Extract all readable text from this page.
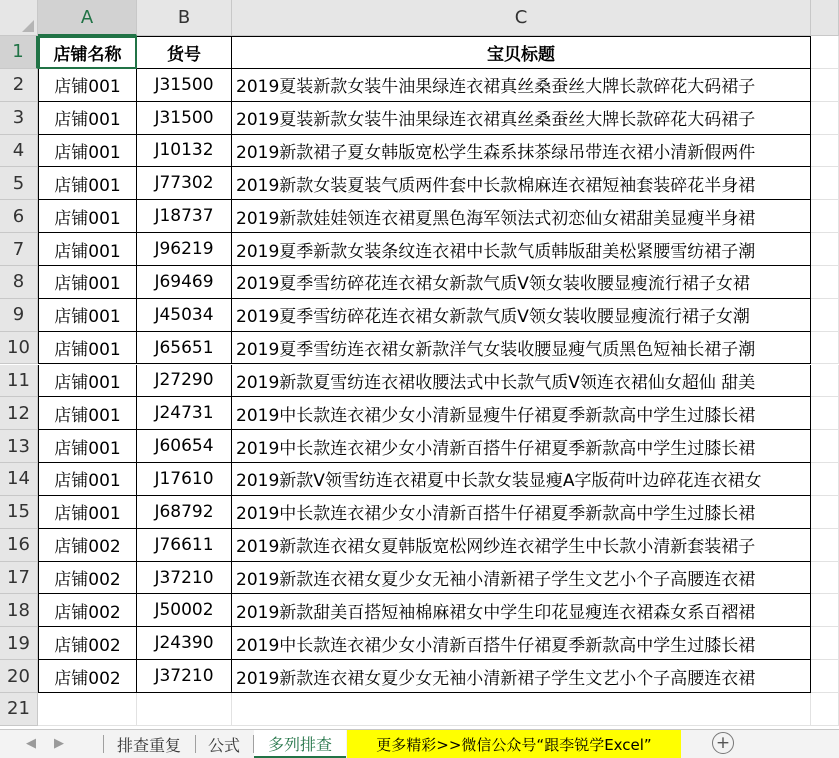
A	B	C
1
2
3
4
5
6
7
8
9
10
11
12
13
14
15
16
17
18
19
20
21
店铺名称	货号	宝贝标题
店铺001	J31500	2019夏装新款女装牛油果绿连衣裙真丝桑蚕丝大牌长款碎花大码裙子
店铺001	J31500	2019夏装新款女装牛油果绿连衣裙真丝桑蚕丝大牌长款碎花大码裙子
店铺001	J10132	2019新款裙子夏女韩版宽松学生森系抹茶绿吊带连衣裙小清新假两件
店铺001	J77302	2019新款女装夏装气质两件套中长款棉麻连衣裙短袖套装碎花半身裙
店铺001	J18737	2019新款娃娃领连衣裙夏黑色海军领法式初恋仙女裙甜美显瘦半身裙
店铺001	J96219	2019夏季新款女装条纹连衣裙中长款气质韩版甜美松紧腰雪纺裙子潮
店铺001	J69469	2019夏季雪纺碎花连衣裙女新款气质V领女装收腰显瘦流行裙子女裙
店铺001	J45034	2019夏季雪纺碎花连衣裙女新款气质V领女装收腰显瘦流行裙子女潮
店铺001	J65651	2019夏季雪纺连衣裙女新款洋气女装收腰显瘦气质黑色短袖长裙子潮
店铺001	J27290	2019新款夏雪纺连衣裙收腰法式中长款气质V领连衣裙仙女超仙 甜美
店铺001	J24731	2019中长款连衣裙少女小清新显瘦牛仔裙夏季新款高中学生过膝长裙
店铺001	J60654	2019中长款连衣裙少女小清新百搭牛仔裙夏季新款高中学生过膝长裙
店铺001	J17610	2019新款V领雪纺连衣裙夏中长款女装显瘦A字版荷叶边碎花连衣裙女
店铺001	J68792	2019中长款连衣裙少女小清新百搭牛仔裙夏季新款高中学生过膝长裙
店铺002	J76611	2019新款连衣裙女夏韩版宽松网纱连衣裙学生中长款小清新套装裙子
店铺002	J37210	2019新款连衣裙女夏少女无袖小清新裙子学生文艺小个子高腰连衣裙
店铺002	J50002	2019新款甜美百搭短袖棉麻裙女中学生印花显瘦连衣裙森女系百褶裙
店铺002	J24390	2019中长款连衣裙少女小清新百搭牛仔裙夏季新款高中学生过膝长裙
店铺002	J37210	2019新款连衣裙女夏少女无袖小清新裙子学生文艺小个子高腰连衣裙
◀ ▶	排查重复	公式	多列排查	更多精彩>>微信公众号“跟李锐学Excel”	+
